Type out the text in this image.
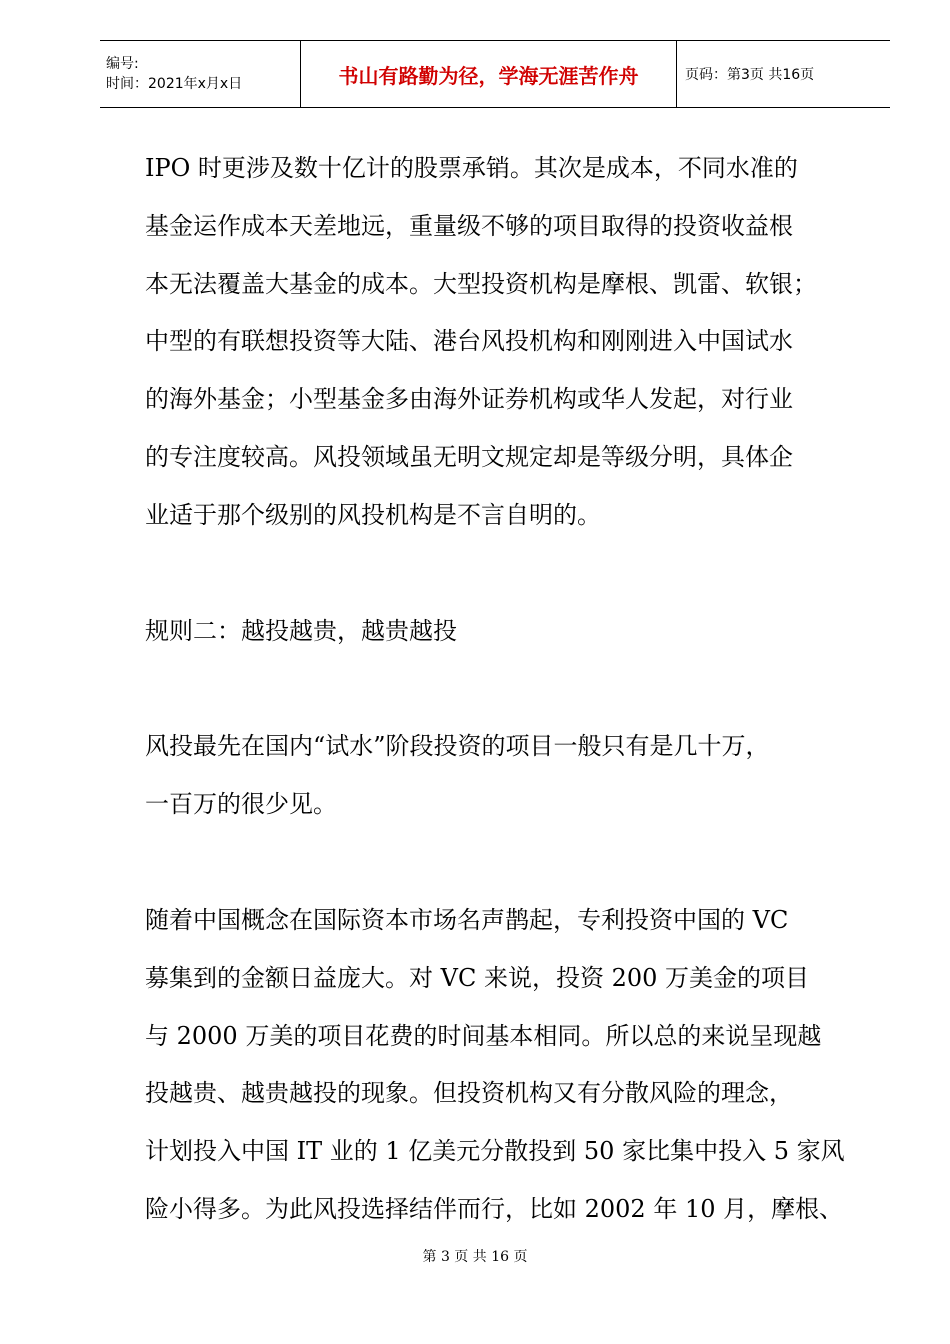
编号:
时间：2021年x月x日	书山有路勤为径，学海无涯苦作舟	页码：第3页 共16页

IPO 时更涉及数十亿计的股票承销。其次是成本，不同水准的
基金运作成本天差地远，重量级不够的项目取得的投资收益根
本无法覆盖大基金的成本。大型投资机构是摩根、凯雷、软银；
中型的有联想投资等大陆、港台风投机构和刚刚进入中国试水
的海外基金；小型基金多由海外证券机构或华人发起，对行业
的专注度较高。风投领域虽无明文规定却是等级分明，具体企
业适于那个级别的风投机构是不言自明的。

规则二：越投越贵，越贵越投

风投最先在国内“试水”阶段投资的项目一般只有是几十万，
一百万的很少见。

随着中国概念在国际资本市场名声鹊起，专利投资中国的 VC
募集到的金额日益庞大。对 VC 来说，投资 200 万美金的项目
与 2000 万美的项目花费的时间基本相同。所以总的来说呈现越
投越贵、越贵越投的现象。但投资机构又有分散风险的理念，
计划投入中国 IT 业的 1 亿美元分散投到 50 家比集中投入 5 家风
险小得多。为此风投选择结伴而行，比如 2002 年 10 月，摩根、

第 3 页 共 16 页
